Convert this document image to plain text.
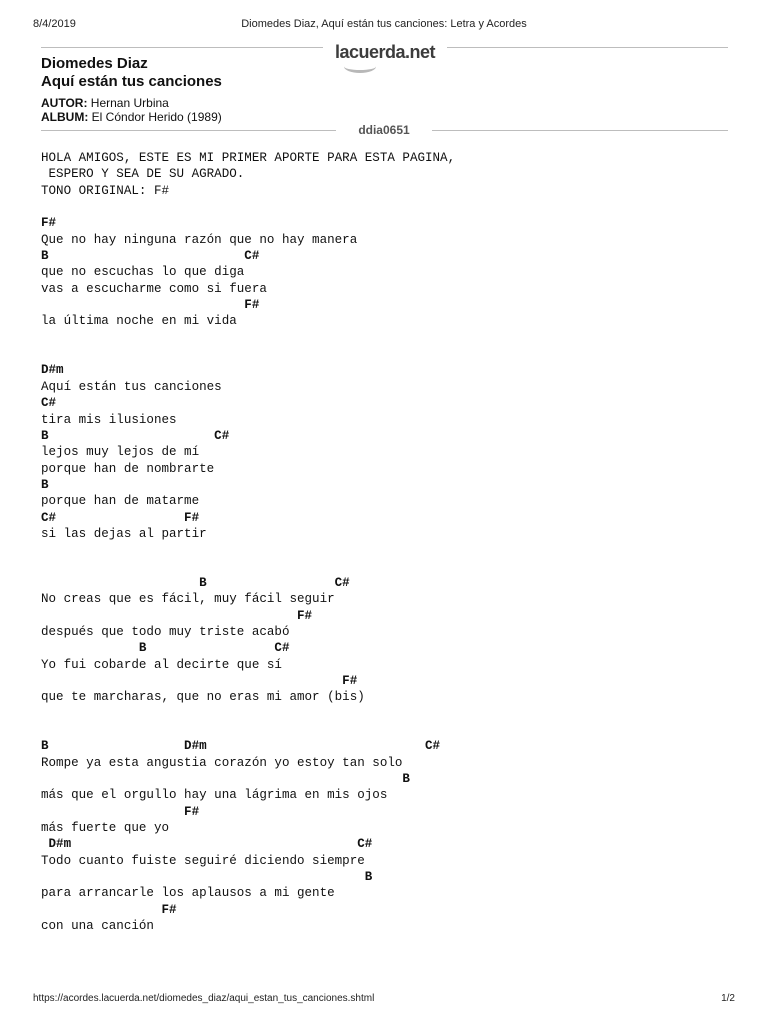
8/4/2019	Diomedes Diaz, Aquí están tus canciones: Letra y Acordes
lacuerda.net
Diomedes Diaz
Aquí están tus canciones
AUTOR: Hernan Urbina
ALBUM: El Cóndor Herido (1989)
ddia0651
HOLA AMIGOS, ESTE ES MI PRIMER APORTE PARA ESTA PAGINA,
ESPERO Y SEA DE SU AGRADO.
TONO ORIGINAL: F#
F#
Que no hay ninguna razón que no hay manera
B                          C#
que no escuchas lo que diga
vas a escucharme como si fuera
F#
la última noche en mi vida
D#m
Aquí están tus canciones
C#
tira mis ilusiones
B                      C#
lejos muy lejos de mí
porque han de nombrarte
B
porque han de matarme
C#                 F#
si las dejas al partir
B                 C#
No creas que es fácil, muy fácil seguir
F#
después que todo muy triste acabó
B                 C#
Yo fui cobarde al decirte que sí
F#
que te marcharas, que no eras mi amor (bis)
B                  D#m                             C#
Rompe ya esta angustia corazón yo estoy tan solo
B
más que el orgullo hay una lágrima en mis ojos
F#
más fuerte que yo
D#m                                      C#
Todo cuanto fuiste seguiré diciendo siempre
B
para arrancarle los aplausos a mi gente
F#
con una canción
https://acordes.lacuerda.net/diomedes_diaz/aqui_estan_tus_canciones.shtml	1/2
